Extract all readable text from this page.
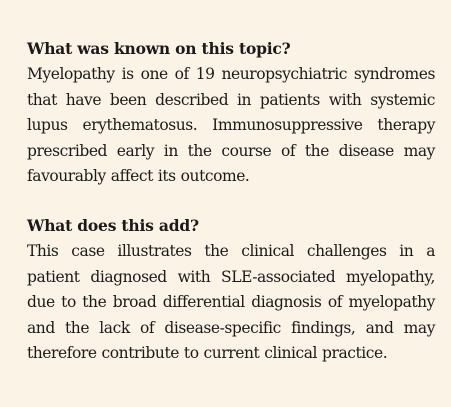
What was known on this topic?

Myelopathy is one of 19 neuropsychiatric syndromes that have been described in patients with systemic lupus erythematosus. Immunosuppressive therapy prescribed early in the course of the disease may favourably affect its outcome.

What does this add?

This case illustrates the clinical challenges in a patient diagnosed with SLE-associated myelopathy, due to the broad differential diagnosis of myelopathy and the lack of disease-specific findings, and may therefore contribute to current clinical practice.
